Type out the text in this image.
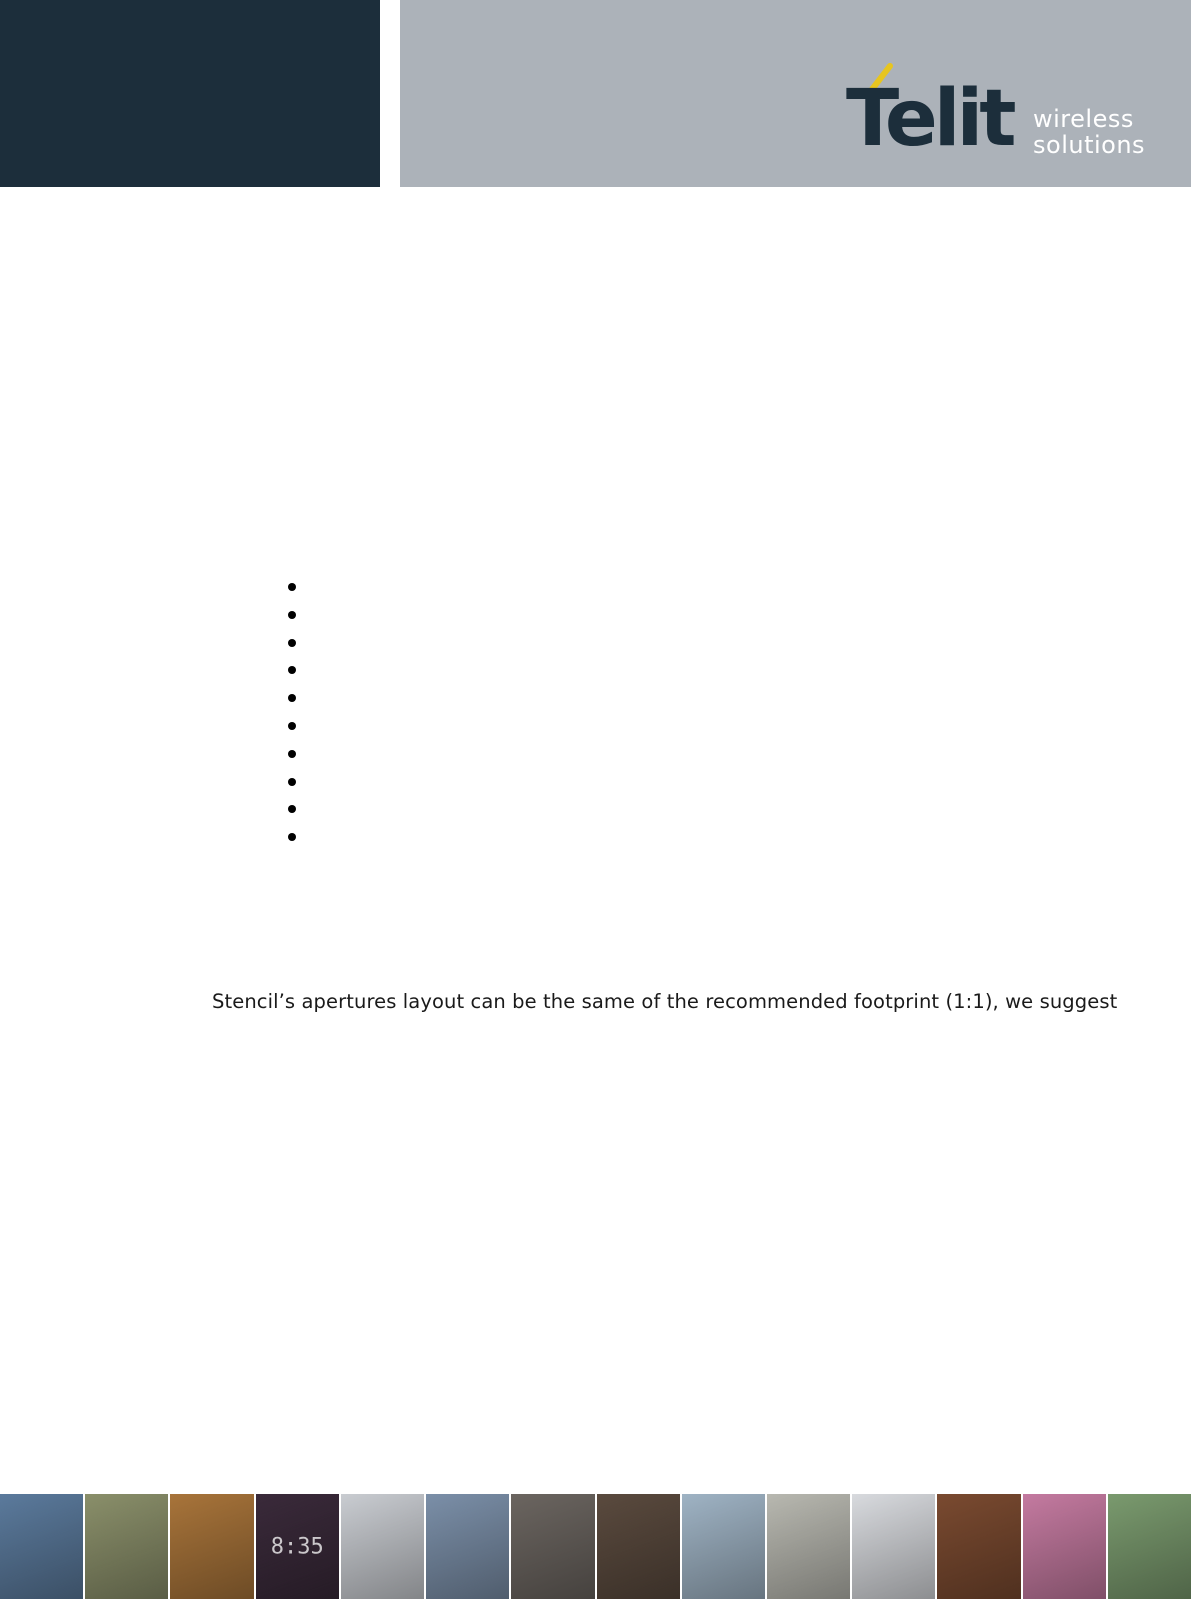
Telit wireless
solutions
Stencil’s apertures layout can be the same of the recommended footprint (1:1), we suggest
8:35
